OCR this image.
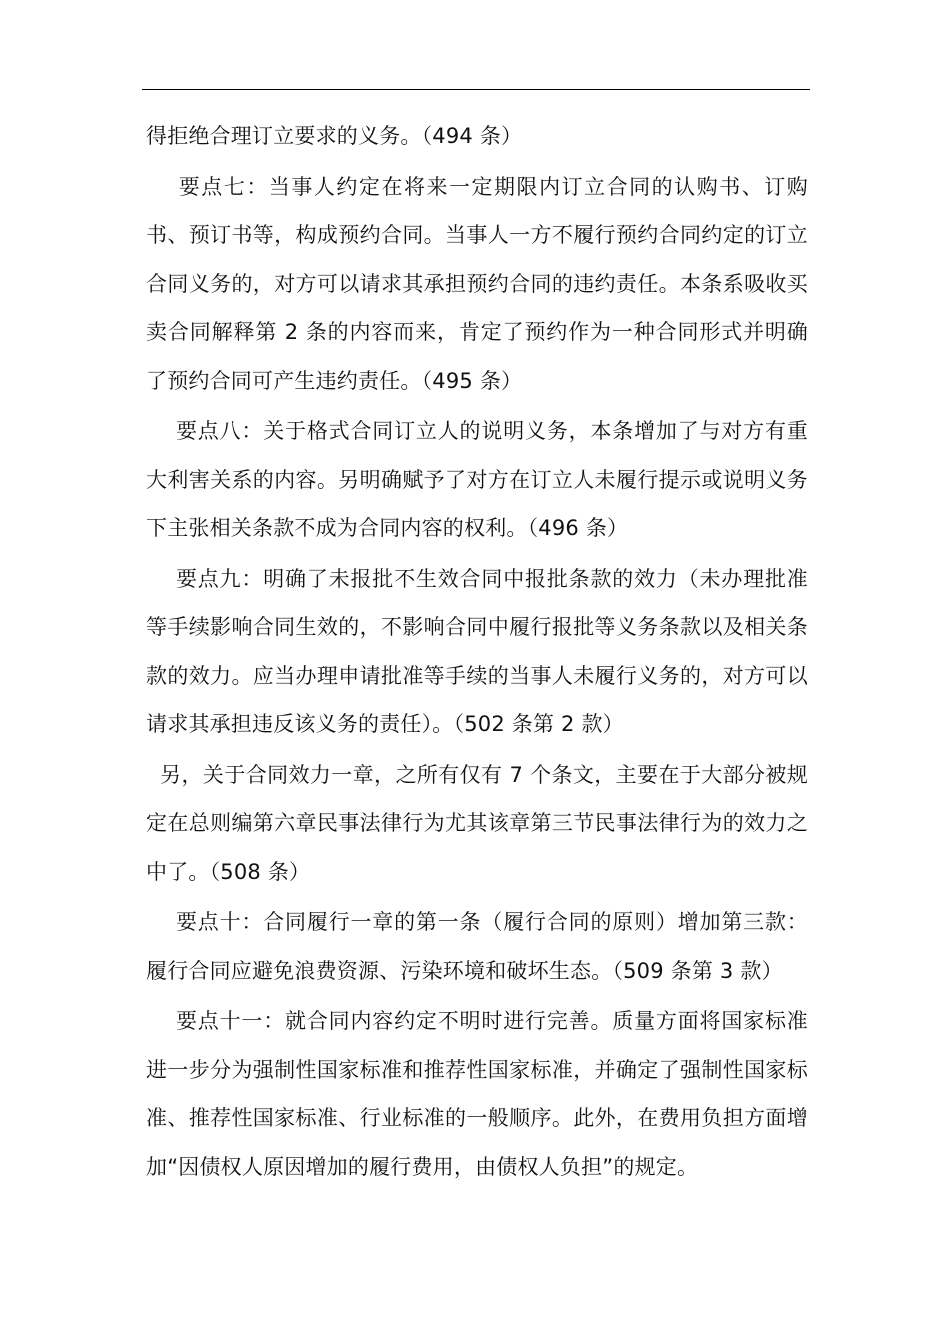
得拒绝合理订立要求的义务。（494 条）

要点七：当事人约定在将来一定期限内订立合同的认购书、订购书、预订书等，构成预约合同。当事人一方不履行预约合同约定的订立合同义务的，对方可以请求其承担预约合同的违约责任。本条系吸收买卖合同解释第 2 条的内容而来，肯定了预约作为一种合同形式并明确了预约合同可产生违约责任。（495 条）

要点八：关于格式合同订立人的说明义务，本条增加了与对方有重大利害关系的内容。另明确赋予了对方在订立人未履行提示或说明义务下主张相关条款不成为合同内容的权利。（496 条）

要点九：明确了未报批不生效合同中报批条款的效力（未办理批准等手续影响合同生效的，不影响合同中履行报批等义务条款以及相关条款的效力。应当办理申请批准等手续的当事人未履行义务的，对方可以请求其承担违反该义务的责任）。（502 条第 2 款）

另，关于合同效力一章，之所有仅有 7 个条文，主要在于大部分被规定在总则编第六章民事法律行为尤其该章第三节民事法律行为的效力之中了。（508 条）

要点十：合同履行一章的第一条（履行合同的原则）增加第三款：履行合同应避免浪费资源、污染环境和破坏生态。（509 条第 3 款）

要点十一：就合同内容约定不明时进行完善。质量方面将国家标准进一步分为强制性国家标准和推荐性国家标准，并确定了强制性国家标准、推荐性国家标准、行业标准的一般顺序。此外，在费用负担方面增加“因债权人原因增加的履行费用，由债权人负担”的规定。
